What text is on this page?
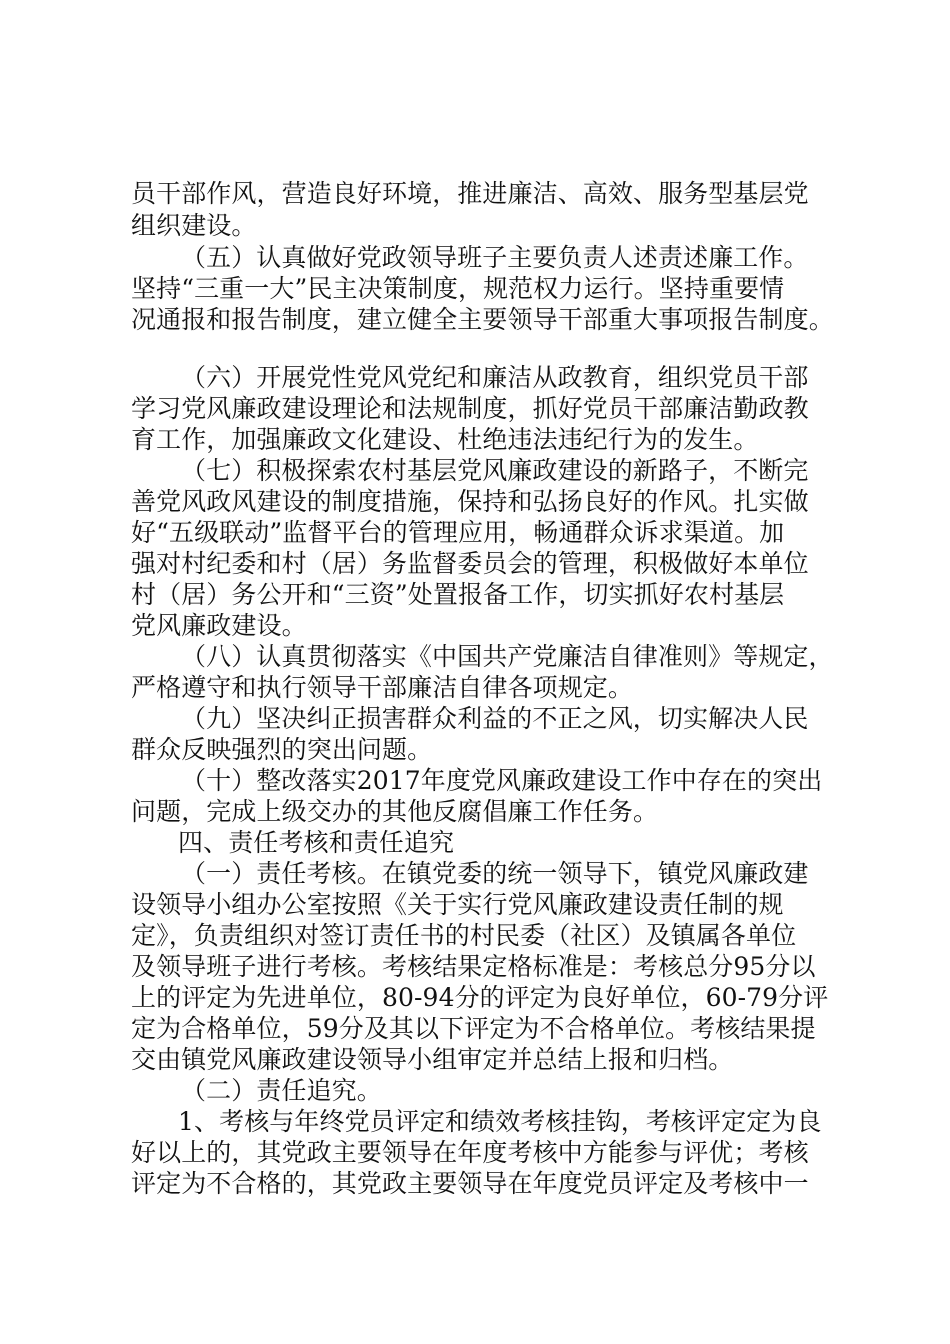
员干部作风，营造良好环境，推进廉洁、高效、服务型基层党
组织建设。
（五）认真做好党政领导班子主要负责人述责述廉工作。
坚持“三重一大”民主决策制度，规范权力运行。坚持重要情
况通报和报告制度，建立健全主要领导干部重大事项报告制度。
（六）开展党性党风党纪和廉洁从政教育，组织党员干部
学习党风廉政建设理论和法规制度，抓好党员干部廉洁勤政教
育工作，加强廉政文化建设、杜绝违法违纪行为的发生。
（七）积极探索农村基层党风廉政建设的新路子，不断完
善党风政风建设的制度措施，保持和弘扬良好的作风。扎实做
好“五级联动”监督平台的管理应用，畅通群众诉求渠道。加
强对村纪委和村（居）务监督委员会的管理，积极做好本单位
村（居）务公开和“三资”处置报备工作，切实抓好农村基层
党风廉政建设。
（八）认真贯彻落实《中国共产党廉洁自律准则》等规定，
严格遵守和执行领导干部廉洁自律各项规定。
（九）坚决纠正损害群众利益的不正之风，切实解决人民
群众反映强烈的突出问题。
（十）整改落实2017年度党风廉政建设工作中存在的突出
问题，完成上级交办的其他反腐倡廉工作任务。
四、责任考核和责任追究
（一）责任考核。在镇党委的统一领导下，镇党风廉政建
设领导小组办公室按照《关于实行党风廉政建设责任制的规
定》，负责组织对签订责任书的村民委（社区）及镇属各单位
及领导班子进行考核。考核结果定格标准是：考核总分95分以
上的评定为先进单位，80-94分的评定为良好单位，60-79分评
定为合格单位，59分及其以下评定为不合格单位。考核结果提
交由镇党风廉政建设领导小组审定并总结上报和归档。
（二）责任追究。
1、考核与年终党员评定和绩效考核挂钩，考核评定定为良
好以上的，其党政主要领导在年度考核中方能参与评优；考核
评定为不合格的，其党政主要领导在年度党员评定及考核中一
